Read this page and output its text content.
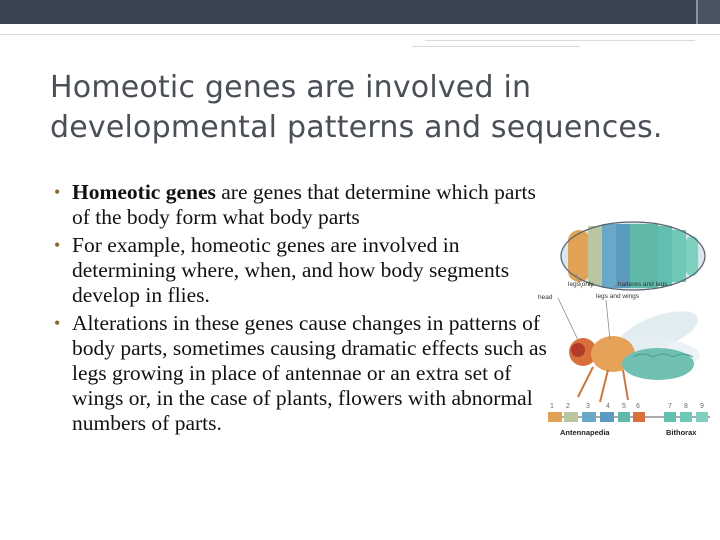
Homeotic genes are involved in developmental patterns and sequences.
• Homeotic genes are genes that determine which parts of the body form what body parts
• For example, homeotic genes are involved in determining where, when, and how body segments develop in flies.
• Alterations in these genes cause changes in patterns of body parts, sometimes causing dramatic effects such as legs growing in place of antennae or an extra set of wings or, in the case of plants, flowers with abnormal numbers of parts.
legs only	halteres and legs
head	legs and wings
1 2 3 4 5 6	7 8 9
Antennapedia	Bithorax
